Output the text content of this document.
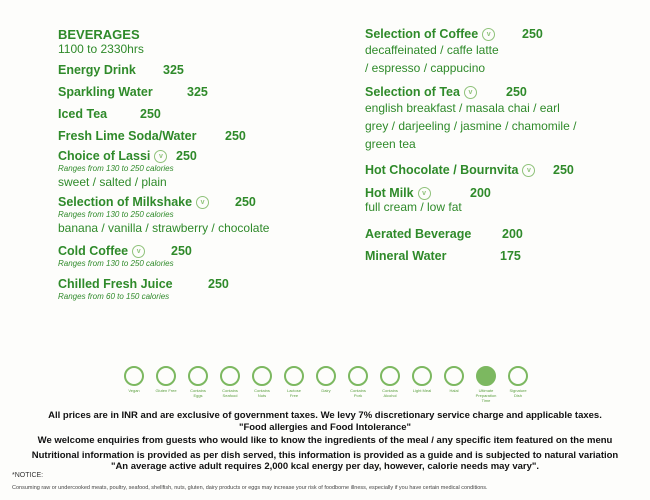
BEVERAGES
1100 to 2330hrs
Energy Drink 325
Sparkling Water	325
Iced Tea	250
Fresh Lime Soda/Water 250
Choice of Lassi v	250
Ranges from 130 to 250 calories
sweet / salted / plain
Selection of Milkshake v	250
Ranges from 130 to 250 calories
banana / vanilla / strawberry / chocolate
Cold Coffee v	250
Ranges from 130 to 250 calories
Chilled Fresh Juice	250
Ranges from 60 to 150 calories
Selection of Coffee v	250
decaffeinated / caffe latte
/ espresso / cappucino
Selection of Tea v	250
english breakfast / masala chai / earl
grey / darjeeling / jasmine / chamomile /
green tea
Hot Chocolate / Bournvita v	250
Hot Milk v	200
full cream / low fat
Aerated Beverage 200
Mineral Water	175
Vegan	Gluten Free	Contains Eggs
Contains Seafood
Contains Nuts
Lactose Free
Dairy	Contains Pork
Contains Alcohol
Light Meal	Halal	Ultimate Preparation Time
Signature Dish
All prices are in INR and are exclusive of government taxes. We levy 7% discretionary service charge and applicable taxes.
"Food allergies and Food Intolerance"
We welcome enquiries from guests who would like to know the ingredients of the meal / any specific item featured on the menu
Nutritional information is provided as per dish served, this information is provided as a guide and is subjected to natural variation
"An average active adult requires 2,000 kcal energy per day, however, calorie needs may vary".
*NOTICE:
Consuming raw or undercooked meats, poultry, seafood, shellfish, nuts, gluten, dairy products or eggs may increase your risk of foodborne illness, especially if you have certain medical conditions.
